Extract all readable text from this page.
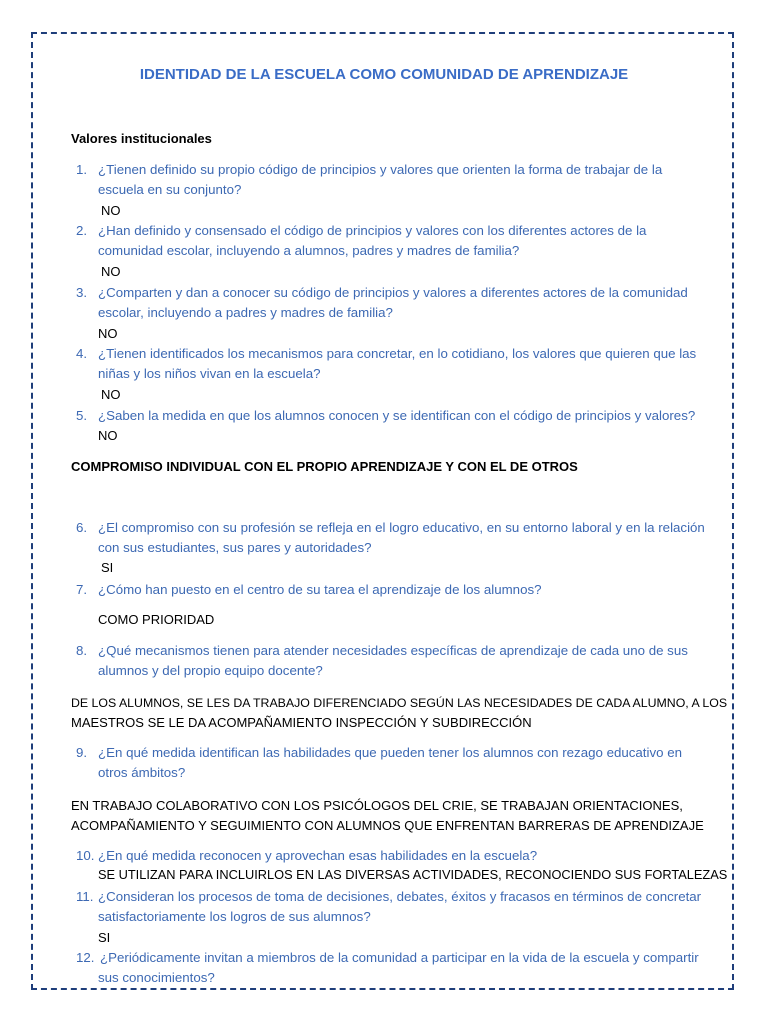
IDENTIDAD DE LA ESCUELA COMO COMUNIDAD DE APRENDIZAJE
Valores institucionales
1. ¿Tienen definido su propio código de principios y valores que orienten la forma de trabajar de la
escuela en su conjunto?
NO
2. ¿Han definido y consensado el código de principios y valores con los diferentes actores de la
comunidad escolar, incluyendo a alumnos, padres y madres de familia?
NO
3. ¿Comparten y dan a conocer su código de principios y valores a diferentes actores de la comunidad
escolar, incluyendo a padres y madres de familia?
NO
4. ¿Tienen identificados los mecanismos para concretar, en lo cotidiano, los valores que quieren que las
niñas y los niños vivan en la escuela?
NO
5. ¿Saben la medida en que los alumnos conocen y se identifican con el código de principios y valores?
NO
COMPROMISO INDIVIDUAL CON EL PROPIO APRENDIZAJE Y CON EL DE OTROS
6. ¿El compromiso con su profesión se refleja en el logro educativo, en su entorno laboral y en la relación
con sus estudiantes, sus pares y autoridades?
SI
7. ¿Cómo han puesto en el centro de su tarea el aprendizaje de los alumnos?
COMO PRIORIDAD
8. ¿Qué mecanismos tienen para atender necesidades específicas de aprendizaje de cada uno de sus
alumnos y del propio equipo docente?
DE LOS ALUMNOS, SE LES DA TRABAJO DIFERENCIADO SEGÚN LAS NECESIDADES DE CADA ALUMNO, A LOS
MAESTROS SE LE DA ACOMPAÑAMIENTO INSPECCIÓN Y SUBDIRECCIÓN
9. ¿En qué medida identifican las habilidades que pueden tener los alumnos con rezago educativo en
otros ámbitos?
EN TRABAJO COLABORATIVO CON LOS PSICÓLOGOS DEL CRIE, SE TRABAJAN ORIENTACIONES,
ACOMPAÑAMIENTO Y SEGUIMIENTO CON ALUMNOS QUE ENFRENTAN BARRERAS DE APRENDIZAJE
10. ¿En qué medida reconocen y aprovechan esas habilidades en la escuela?
SE UTILIZAN PARA INCLUIRLOS EN LAS DIVERSAS ACTIVIDADES, RECONOCIENDO SUS FORTALEZAS
11. ¿Consideran los procesos de toma de decisiones, debates, éxitos y fracasos en términos de concretar
satisfactoriamente los logros de sus alumnos?
SI
12. ¿Periódicamente invitan a miembros de la comunidad a participar en la vida de la escuela y compartir
sus conocimientos?
